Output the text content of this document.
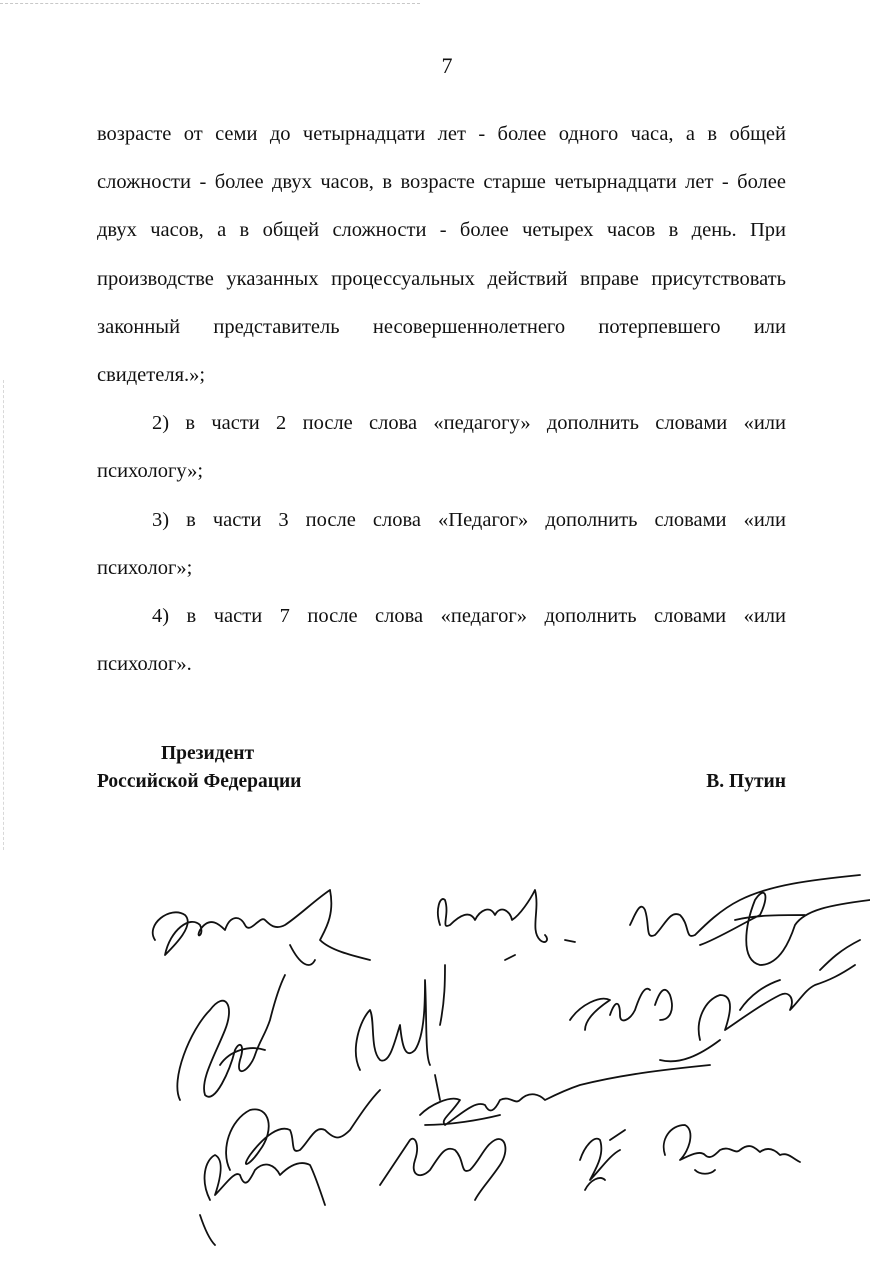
7
возрасте от семи до четырнадцати лет - более одного часа, а в общей
сложности - более двух часов, в возрасте старше четырнадцати лет - более
двух часов, а в общей сложности - более четырех часов в день. При
производстве указанных процессуальных действий вправе присутствовать
законный представитель несовершеннолетнего потерпевшего или
свидетеля.»;
2) в части 2 после слова «педагогу» дополнить словами «или
психологу»;
3) в части 3 после слова «Педагог» дополнить словами «или
психолог»;
4) в части 7 после слова «педагог» дополнить словами «или
психолог».
Президент
Российской Федерации	В. Путин
